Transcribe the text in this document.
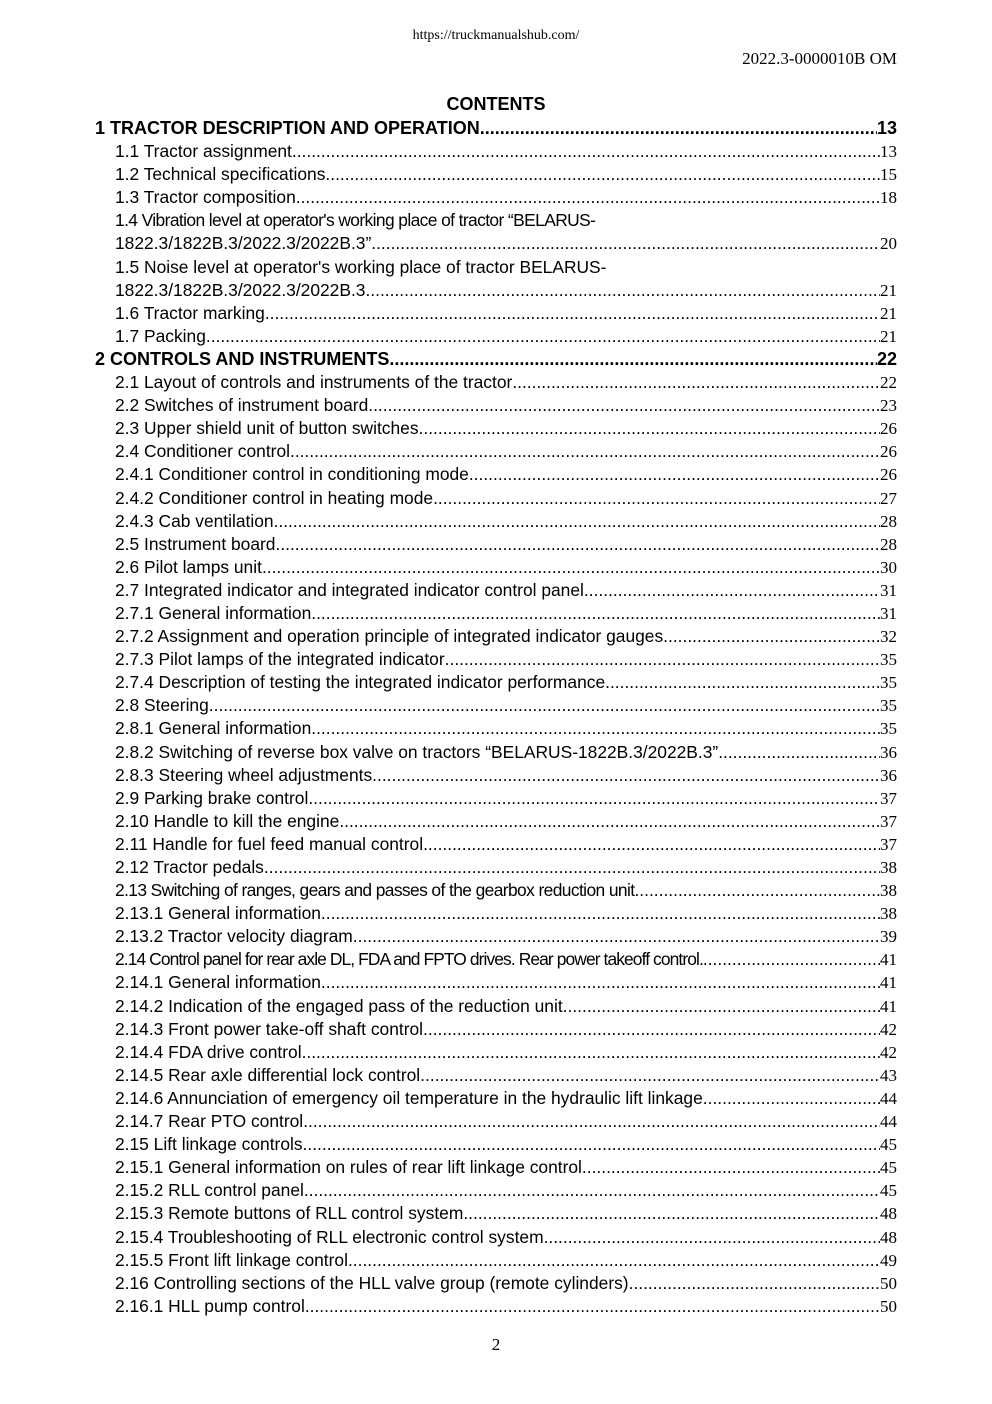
https://truckmanualshub.com/
2022.3-0000010B OM
CONTENTS
1 TRACTOR DESCRIPTION AND OPERATION .....	13
1.1 Tractor assignment .....	13
1.2 Technical specifications .....	15
1.3 Tractor composition .....	18
1.4 Vibration level at operator's working place of tractor “BELARUS-
1822.3/1822B.3/2022.3/2022B.3” .....	20
1.5 Noise level at operator's working place of tractor BELARUS-
1822.3/1822B.3/2022.3/2022B.3 .....	21
1.6 Tractor marking .....	21
1.7 Packing .....	21
2 CONTROLS AND INSTRUMENTS .....	22
2.1 Layout of controls and instruments of the tractor .....	22
2.2 Switches of instrument board .....	23
2.3 Upper shield unit of button switches .....	26
2.4 Conditioner control .....	26
2.4.1 Conditioner control in conditioning mode .....	26
2.4.2 Conditioner control in heating mode .....	27
2.4.3 Cab ventilation .....	28
2.5 Instrument board .....	28
2.6 Pilot lamps unit .....	30
2.7 Integrated indicator and integrated indicator control panel .....	31
2.7.1 General information .....	31
2.7.2 Assignment and operation principle of integrated indicator gauges .....	32
2.7.3 Pilot lamps of the integrated indicator .....	35
2.7.4 Description of testing the integrated indicator performance .....	35
2.8 Steering .....	35
2.8.1 General information .....	35
2.8.2 Switching of reverse box valve on tractors “BELARUS-1822B.3/2022B.3” .....	36
2.8.3 Steering wheel adjustments .....	36
2.9 Parking brake control .....	37
2.10 Handle to kill the engine .....	37
2.11 Handle for fuel feed manual control .....	37
2.12 Tractor pedals .....	38
2.13 Switching of ranges, gears and passes of the gearbox reduction unit .....	38
2.13.1 General information .....	38
2.13.2 Tractor velocity diagram .....	39
2.14 Control panel for rear axle DL, FDA and FPTO drives. Rear power takeoff control. .....	41
2.14.1 General information .....	41
2.14.2 Indication of the engaged pass of the reduction unit .....	41
2.14.3 Front power take-off shaft control .....	42
2.14.4 FDA drive control .....	42
2.14.5 Rear axle differential lock control .....	43
2.14.6 Annunciation of emergency oil temperature in the hydraulic lift linkage .....	44
2.14.7 Rear PTO control .....	44
2.15 Lift linkage controls .....	45
2.15.1 General information on rules of rear lift linkage control .....	45
2.15.2 RLL control panel .....	45
2.15.3 Remote buttons of RLL control system .....	48
2.15.4 Troubleshooting of RLL electronic control system .....	48
2.15.5 Front lift linkage control .....	49
2.16 Controlling sections of the HLL valve group (remote cylinders). .....	50
2.16.1 HLL pump control .....	50
2
